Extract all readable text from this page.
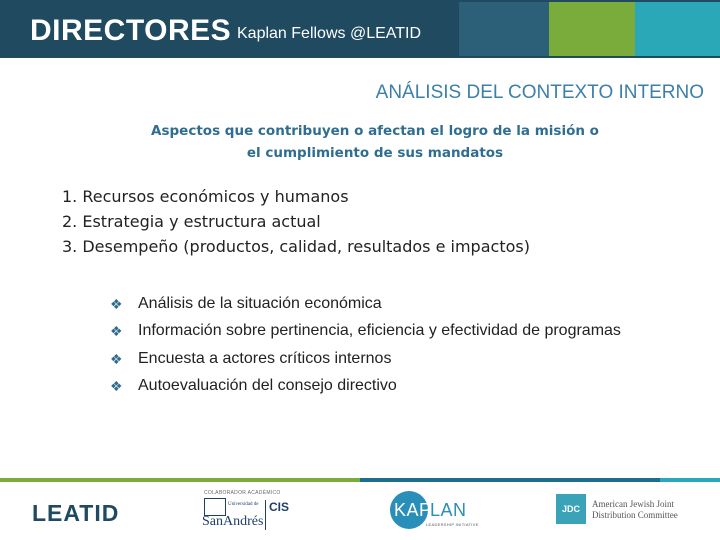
DIRECTORES Kaplan Fellows @LEATID
ANÁLISIS DEL CONTEXTO INTERNO
Aspectos que contribuyen o afectan el logro de la misión o
el cumplimiento de sus mandatos
1. Recursos económicos y humanos
2. Estrategia y estructura actual
3. Desempeño (productos, calidad, resultados e impactos)
❖ Análisis de la situación económica
❖ Información sobre pertinencia, eficiencia y efectividad de programas
❖ Encuesta a actores críticos internos
❖ Autoevaluación del consejo directivo
LEATID
COLABORADOR ACADÉMICO
Universidad de
SanAndrés
CIS	KAP
LAN
LEADERSHIP INITIATIVE
JDC	American Jewish Joint
Distribution Committee
